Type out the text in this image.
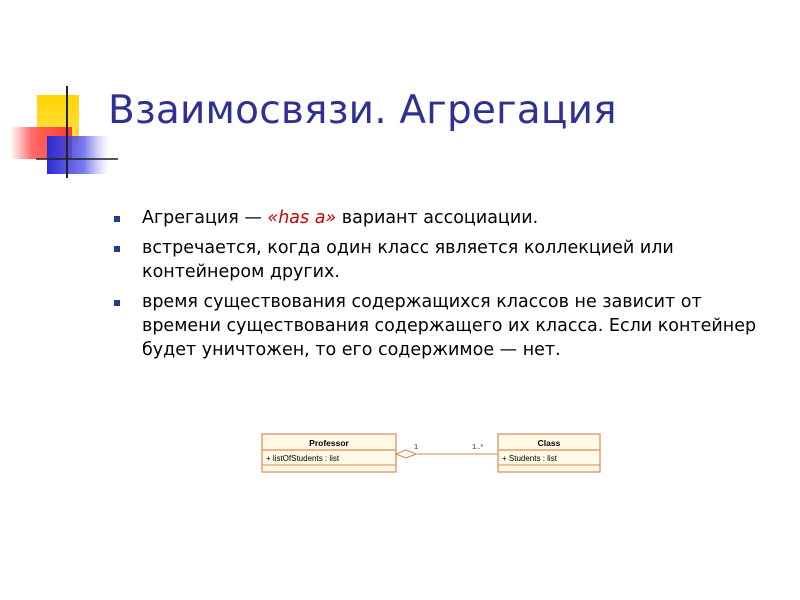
Взаимосвязи. Агрегация
Агрегация — «has a» вариант ассоциации.
встречается, когда один класс является коллекцией или контейнером других.
время существования содержащихся классов не зависит от времени существования содержащего их класса. Если контейнер будет уничтожен, то его содержимое — нет.
Professor
+ listOfStudents : list
1	1..*	Class
+ Students : list
